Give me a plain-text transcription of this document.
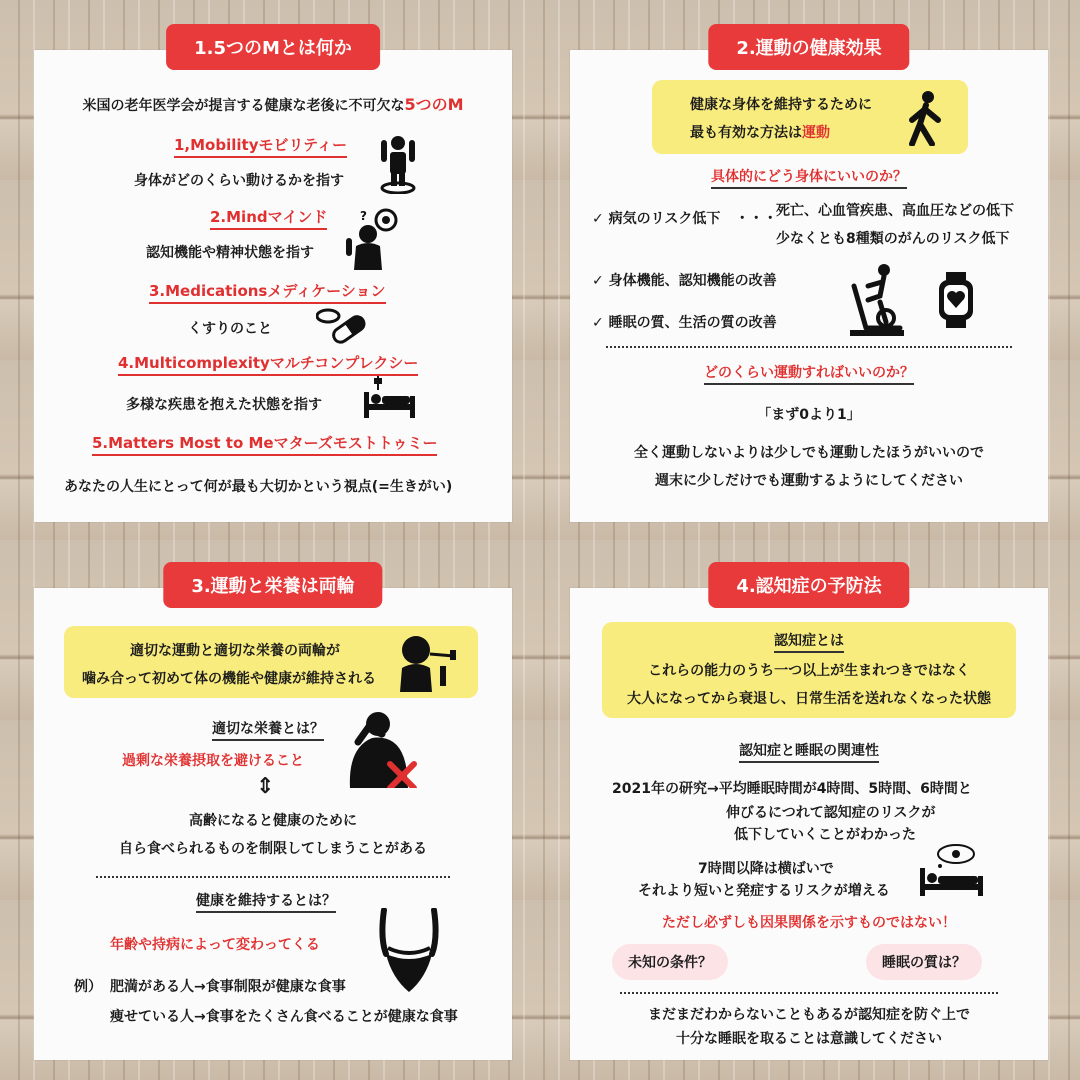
1.5つのMとは何か
米国の老年医学会が提言する健康な老後に不可欠な5つのM
1,Mobilityモビリティー
身体がどのくらい動けるかを指す
2.Mindマインド
認知機能や精神状態を指す
3.Medicationsメディケーション
くすりのこと
4.Multicomplexityマルチコンプレクシー
多様な疾患を抱えた状態を指す
5.Matters Most to Meマターズモストトゥミー
あなたの人生にとって何が最も大切かという視点(=生きがい)
?
2.運動の健康効果
健康な身体を維持するために
最も有効な方法は運動
具体的にどう身体にいいのか？
✓ 病気のリスク低下 ・・・
死亡、心血管疾患、高血圧などの低下
少なくとも8種類のがんのリスク低下
✓ 身体機能、認知機能の改善
✓ 睡眠の質、生活の質の改善
どのくらい運動すればいいのか？
「まず0より1」
全く運動しないよりは少しでも運動したほうがいいので
週末に少しだけでも運動するようにしてください
3.運動と栄養は両輪
適切な運動と適切な栄養の両輪が
噛み合って初めて体の機能や健康が維持される
適切な栄養とは？
過剰な栄養摂取を避けること
⇕
高齢になると健康のために
自ら食べられるものを制限してしまうことがある
健康を維持するとは？
年齢や持病によって変わってくる
例） 肥満がある人→食事制限が健康な食事
痩せている人→食事をたくさん食べることが健康な食事
4.認知症の予防法
認知症とは
これらの能力のうち一つ以上が生まれつきではなく
大人になってから衰退し、日常生活を送れなくなった状態
認知症と睡眠の関連性
2021年の研究→平均睡眠時間が4時間、5時間、6時間と
伸びるにつれて認知症のリスクが
低下していくことがわかった
7時間以降は横ばいで
それより短いと発症するリスクが増える
ただし必ずしも因果関係を示すものではない！
未知の条件？	睡眠の質は？
まだまだわからないこともあるが認知症を防ぐ上で
十分な睡眠を取ることは意識してください
